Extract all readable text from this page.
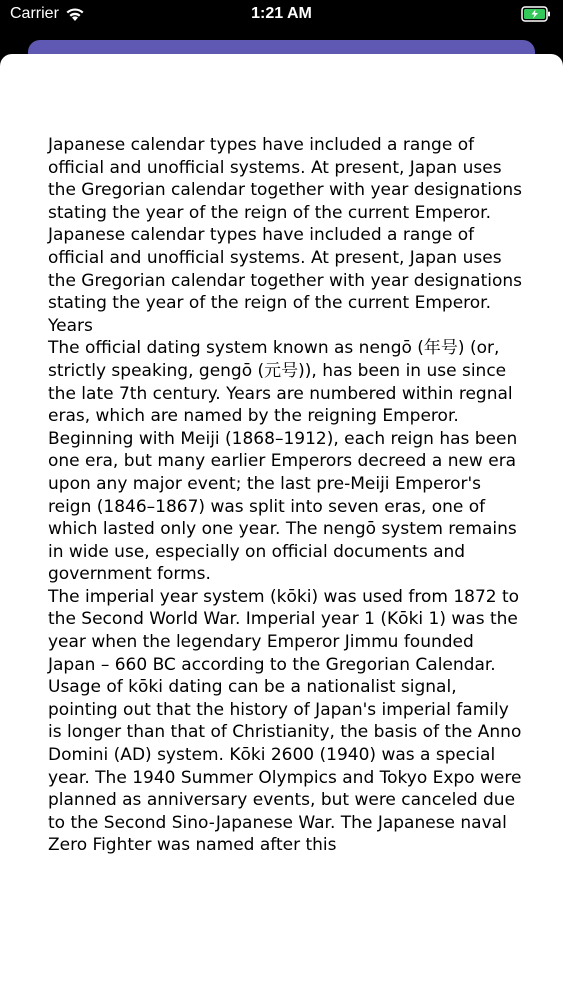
Carrier	1:21 AM

Japanese calendar types have included a range of official and unofficial systems. At present, Japan uses the Gregorian calendar together with year designations stating the year of the reign of the current Emperor.

Japanese calendar types have included a range of official and unofficial systems. At present, Japan uses the Gregorian calendar together with year designations stating the year of the reign of the current Emperor.

Years

The official dating system known as nengō (年号) (or, strictly speaking, gengō (元号)), has been in use since the late 7th century. Years are numbered within regnal eras, which are named by the reigning Emperor. Beginning with Meiji (1868–1912), each reign has been one era, but many earlier Emperors decreed a new era upon any major event; the last pre-Meiji Emperor's reign (1846–1867) was split into seven eras, one of which lasted only one year. The nengō system remains in wide use, especially on official documents and government forms.

The imperial year system (kōki) was used from 1872 to the Second World War. Imperial year 1 (Kōki 1) was the year when the legendary Emperor Jimmu founded Japan – 660 BC according to the Gregorian Calendar. Usage of kōki dating can be a nationalist signal, pointing out that the history of Japan's imperial family is longer than that of Christianity, the basis of the Anno Domini (AD) system. Kōki 2600 (1940) was a special year. The 1940 Summer Olympics and Tokyo Expo were planned as anniversary events, but were canceled due to the Second Sino-Japanese War. The Japanese naval Zero Fighter was named after this
